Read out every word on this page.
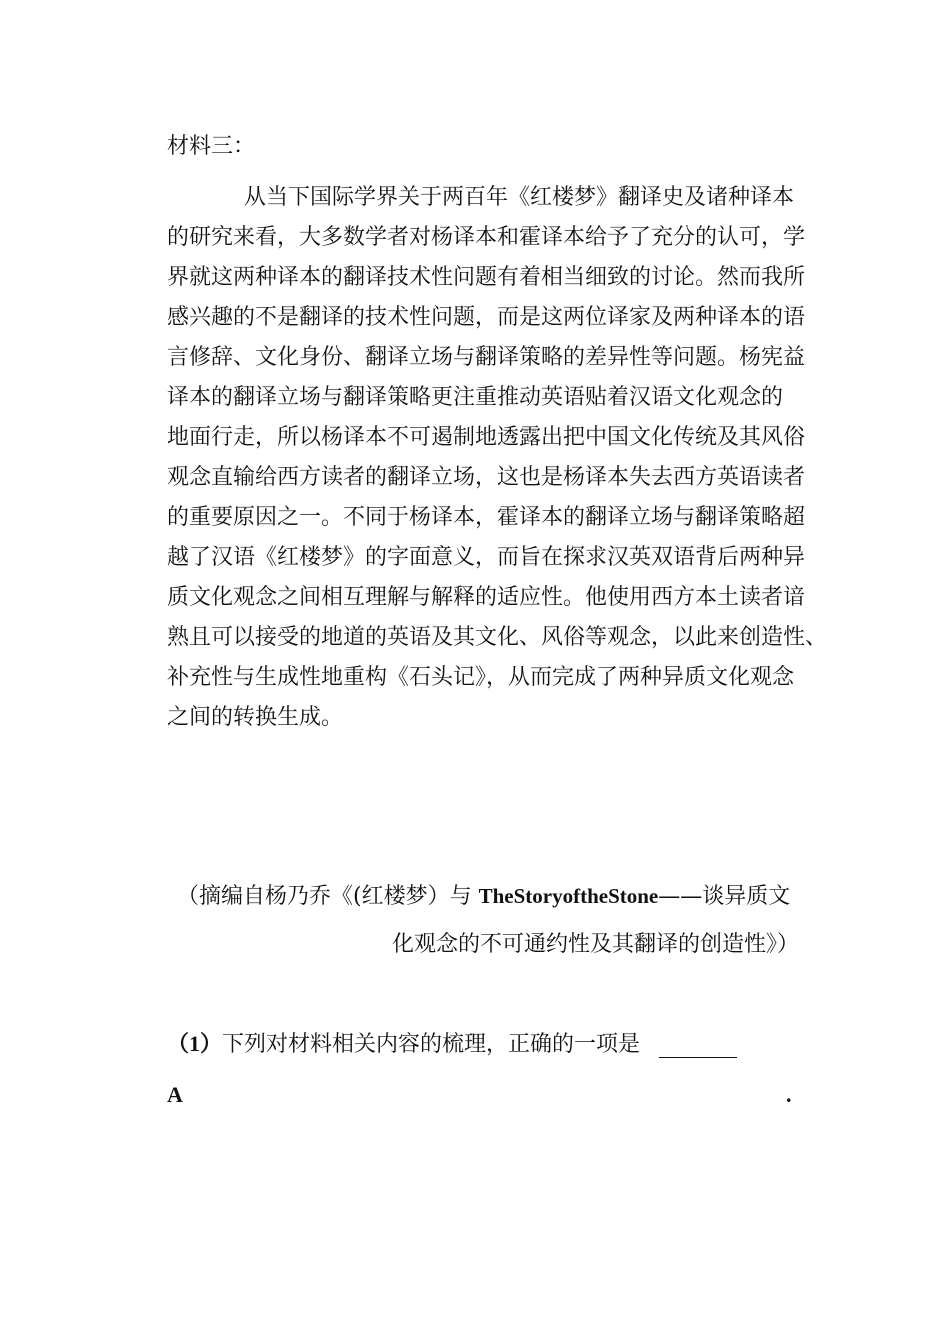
材料三：
从当下国际学界关于两百年《红楼梦》翻译史及诸种译本
的研究来看，大多数学者对杨译本和霍译本给予了充分的认可，学
界就这两种译本的翻译技术性问题有着相当细致的讨论。然而我所
感兴趣的不是翻译的技术性问题，而是这两位译家及两种译本的语
言修辞、文化身份、翻译立场与翻译策略的差异性等问题。杨宪益
译本的翻译立场与翻译策略更注重推动英语贴着汉语文化观念的
地面行走，所以杨译本不可遏制地透露出把中国文化传统及其风俗
观念直输给西方读者的翻译立场，这也是杨译本失去西方英语读者
的重要原因之一。不同于杨译本，霍译本的翻译立场与翻译策略超
越了汉语《红楼梦》的字面意义，而旨在探求汉英双语背后两种异
质文化观念之间相互理解与解释的适应性。他使用西方本土读者谙
熟且可以接受的地道的英语及其文化、风俗等观念，以此来创造性、
补充性与生成性地重构《石头记》，从而完成了两种异质文化观念
之间的转换生成。
（摘编自杨乃乔《(红楼梦）与 TheStoryoftheStone——谈异质文
化观念的不可通约性及其翻译的创造性》）
（1）下列对材料相关内容的梳理，正确的一项是
A	.
